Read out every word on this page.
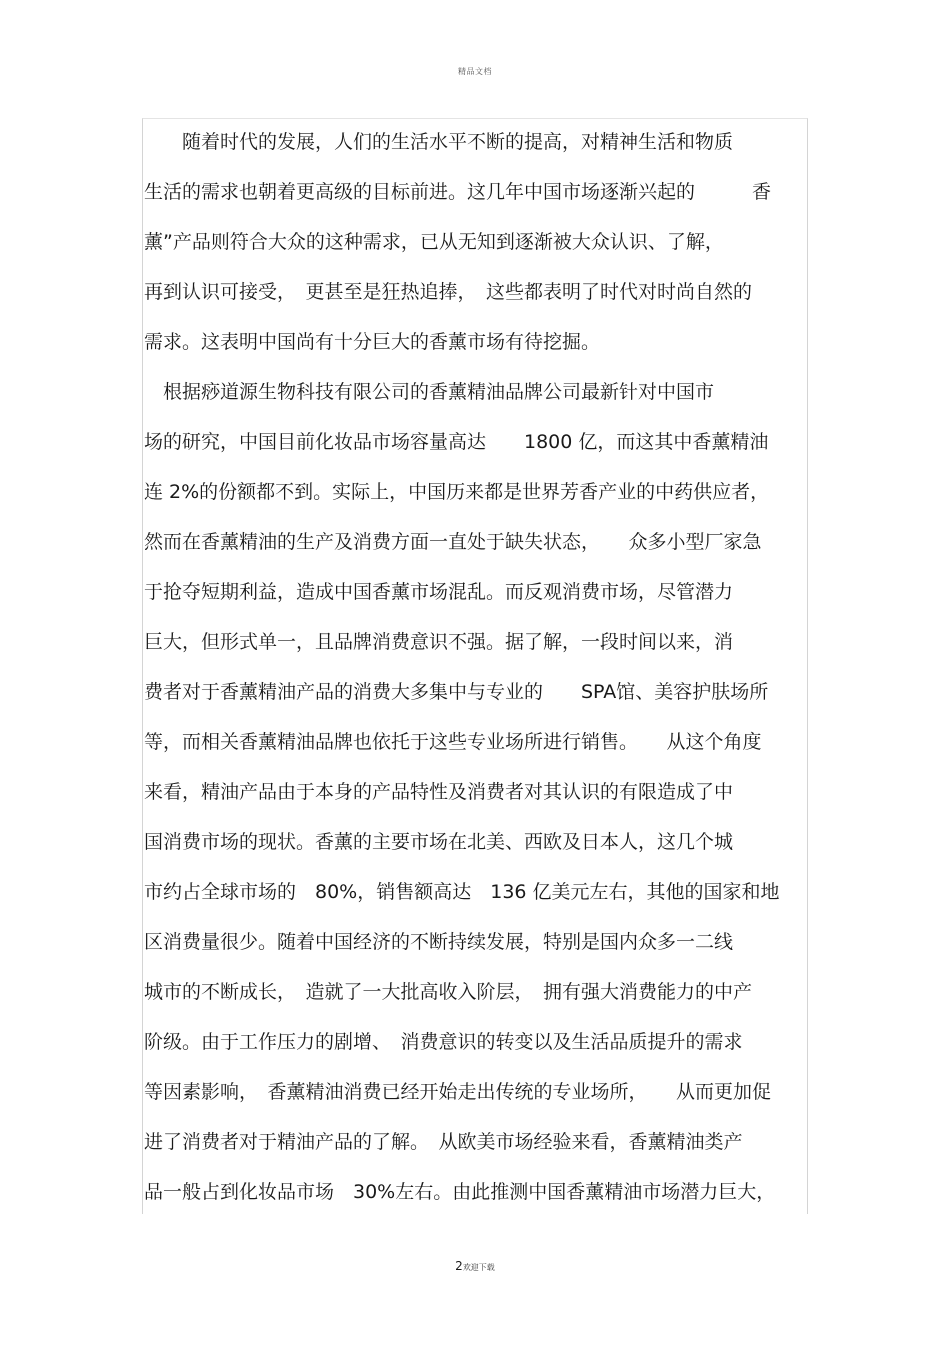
精品文档
　　随着时代的发展，人们的生活水平不断的提高，对精神生活和物质
生活的需求也朝着更高级的目标前进。这几年中国市场逐渐兴起的　　　香
薰”产品则符合大众的这种需求，已从无知到逐渐被大众认识、了解，
再到认识可接受，　更甚至是狂热追捧，　这些都表明了时代对时尚自然的
需求。这表明中国尚有十分巨大的香薰市场有待挖掘。
　根据痧道源生物科技有限公司的香薰精油品牌公司最新针对中国市
场的研究，中国目前化妆品市场容量高达　　1800 亿，而这其中香薰精油
连 2%的份额都不到。实际上，中国历来都是世界芳香产业的中药供应者，
然而在香薰精油的生产及消费方面一直处于缺失状态，　　众多小型厂家急
于抢夺短期利益，造成中国香薰市场混乱。而反观消费市场，尽管潜力
巨大，但形式单一，且品牌消费意识不强。据了解，一段时间以来，消
费者对于香薰精油产品的消费大多集中与专业的　　SPA馆、美容护肤场所
等，而相关香薰精油品牌也依托于这些专业场所进行销售。　　从这个角度
来看，精油产品由于本身的产品特性及消费者对其认识的有限造成了中
国消费市场的现状。香薰的主要市场在北美、西欧及日本人，这几个城
市约占全球市场的　80%，销售额高达　136 亿美元左右，其他的国家和地
区消费量很少。随着中国经济的不断持续发展，特别是国内众多一二线
城市的不断成长，　造就了一大批高收入阶层，　拥有强大消费能力的中产
阶级。由于工作压力的剧增、　消费意识的转变以及生活品质提升的需求
等因素影响，　香薰精油消费已经开始走出传统的专业场所，　　从而更加促
进了消费者对于精油产品的了解。　从欧美市场经验来看，香薰精油类产
品一般占到化妆品市场　30%左右。由此推测中国香薰精油市场潜力巨大，
2欢迎下载
